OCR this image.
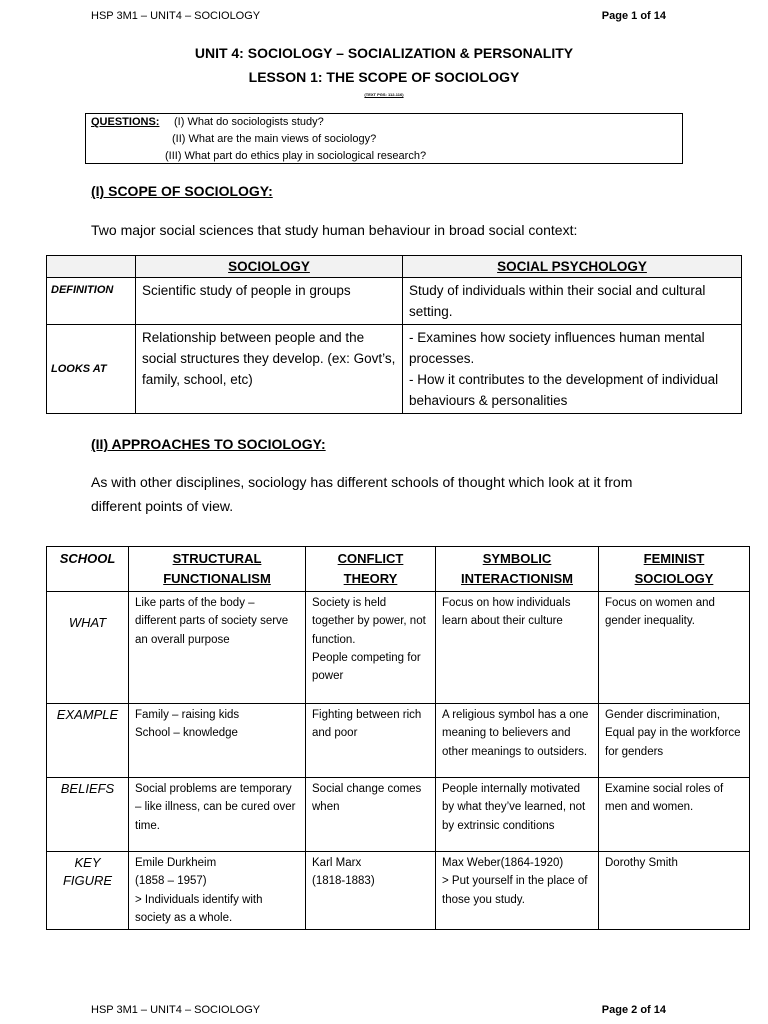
HSP 3M1 – UNIT4 – SOCIOLOGY	Page 1 of 14
UNIT 4: SOCIOLOGY – SOCIALIZATION & PERSONALITY
LESSON 1: THE SCOPE OF SOCIOLOGY
(TEXT PGS: 112-116)
QUESTIONS: (I) What do sociologists study?
(II) What are the main views of sociology?
(III) What part do ethics play in sociological research?
(I) SCOPE OF SOCIOLOGY:
Two major social sciences that study human behaviour in broad social context:
	SOCIOLOGY	SOCIAL PSYCHOLOGY
DEFINITION	Scientific study of people in groups	Study of individuals within their social and cultural setting.
LOOKS AT	Relationship between people and the social structures they develop. (ex: Govt’s, family, school, etc)	- Examines how society influences human mental processes.
- How it contributes to the development of individual behaviours & personalities
(II) APPROACHES TO SOCIOLOGY:
As with other disciplines, sociology has different schools of thought which look at it from different points of view.
SCHOOL	STRUCTURAL FUNCTIONALISM	CONFLICT THEORY	SYMBOLIC INTERACTIONISM	FEMINIST SOCIOLOGY
WHAT	Like parts of the body – different parts of society serve an overall purpose	Society is held together by power, not function.
People competing for power	Focus on how individuals learn about their culture	Focus on women and gender inequality.
EXAMPLE	Family – raising kids
School – knowledge	Fighting between rich and poor	A religious symbol has a one meaning to believers and other meanings to outsiders.	Gender discrimination,
Equal pay in the workforce for genders
BELIEFS	Social problems are temporary – like illness, can be cured over time.	Social change comes when	People internally motivated by what they’ve learned, not by extrinsic conditions	Examine social roles of men and women.
KEY FIGURE	Emile Durkheim
(1858 – 1957)
> Individuals identify with society as a whole.	Karl Marx
(1818-1883)	Max Weber(1864-1920)
> Put yourself in the place of those you study.	Dorothy Smith
HSP 3M1 – UNIT4 – SOCIOLOGY	Page 2 of 14
